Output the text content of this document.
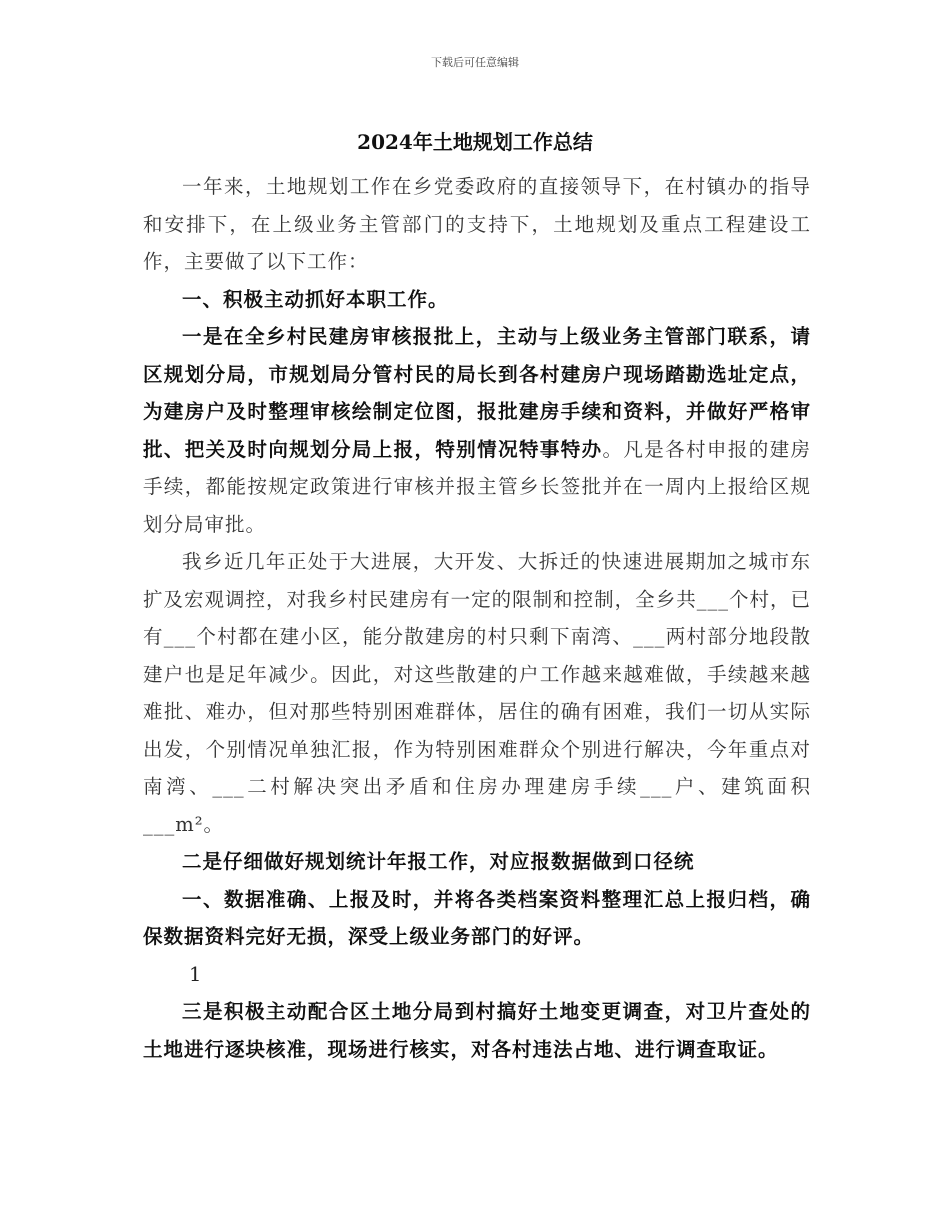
下载后可任意编辑
2024年土地规划工作总结

一年来，土地规划工作在乡党委政府的直接领导下，在村镇办的指导和安排下，在上级业务主管部门的支持下，土地规划及重点工程建设工作，主要做了以下工作：

一、积极主动抓好本职工作。

一是在全乡村民建房审核报批上，主动与上级业务主管部门联系，请区规划分局，市规划局分管村民的局长到各村建房户现场踏勘选址定点，为建房户及时整理审核绘制定位图，报批建房手续和资料，并做好严格审批、把关及时向规划分局上报，特别情况特事特办。凡是各村申报的建房手续，都能按规定政策进行审核并报主管乡长签批并在一周内上报给区规划分局审批。

我乡近几年正处于大进展，大开发、大拆迁的快速进展期加之城市东扩及宏观调控，对我乡村民建房有一定的限制和控制，全乡共___个村，已有___个村都在建小区，能分散建房的村只剩下南湾、___两村部分地段散建户也是足年减少。因此，对这些散建的户工作越来越难做，手续越来越难批、难办，但对那些特别困难群体，居住的确有困难，我们一切从实际出发，个别情况单独汇报，作为特别困难群众个别进行解决，今年重点对南湾、___二村解决突出矛盾和住房办理建房手续___户、建筑面积___m²。

二是仔细做好规划统计年报工作，对应报数据做到口径统

一、数据准确、上报及时，并将各类档案资料整理汇总上报归档，确保数据资料完好无损，深受上级业务部门的好评。

1

三是积极主动配合区土地分局到村搞好土地变更调查，对卫片查处的土地进行逐块核准，现场进行核实，对各村违法占地、进行调查取证。
